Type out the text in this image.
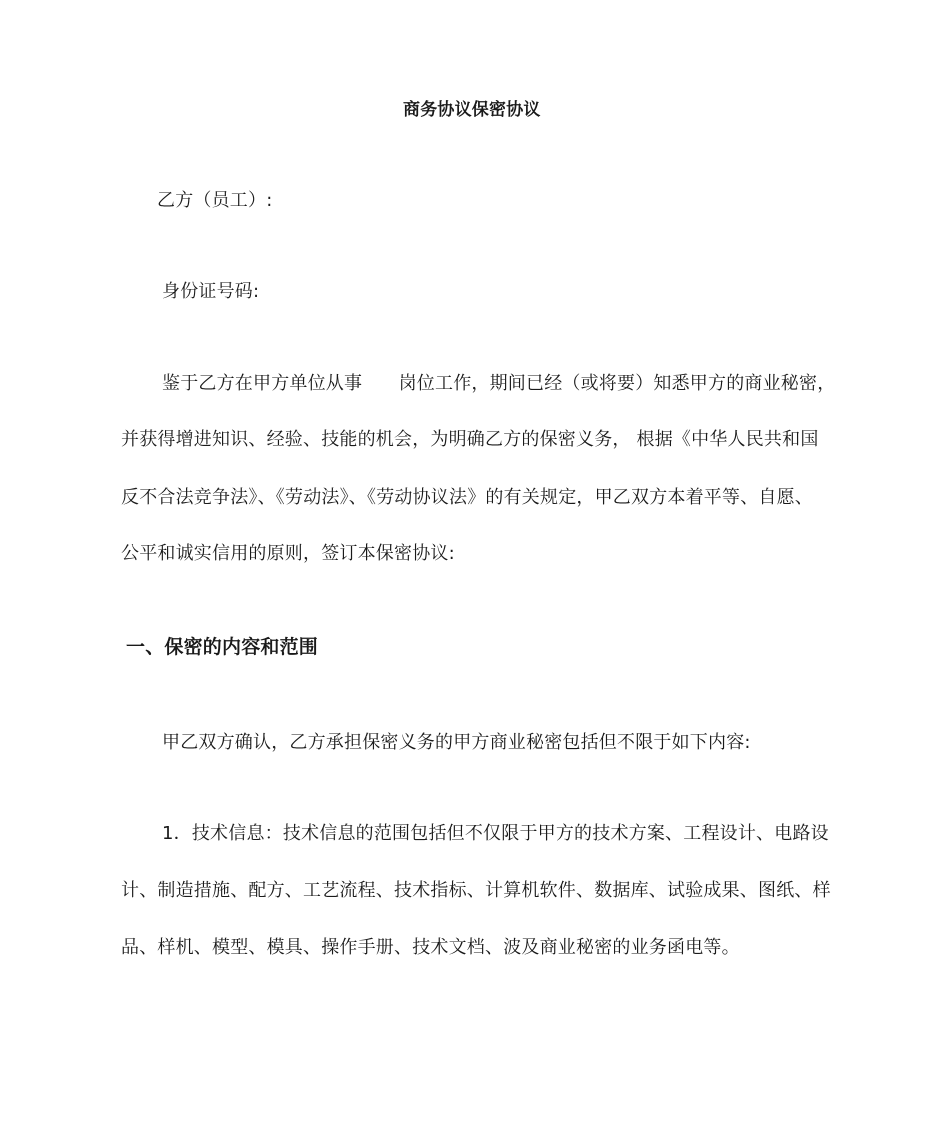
商务协议保密协议
乙方（员工）:
身份证号码:
鉴于乙方在甲方单位从事　　岗位工作，期间已经（或将要）知悉甲方的商业秘密，
并获得增进知识、经验、技能的机会，为明确乙方的保密义务， 根据《中华人民共和国
反不合法竞争法》、《劳动法》、《劳动协议法》的有关规定，甲乙双方本着平等、自愿、
公平和诚实信用的原则，签订本保密协议:
一、保密的内容和范围
甲乙双方确认，乙方承担保密义务的甲方商业秘密包括但不限于如下内容:
1．技术信息：技术信息的范围包括但不仅限于甲方的技术方案、工程设计、电路设
计、制造措施、配方、工艺流程、技术指标、计算机软件、数据库、试验成果、图纸、样
品、样机、模型、模具、操作手册、技术文档、波及商业秘密的业务函电等。
